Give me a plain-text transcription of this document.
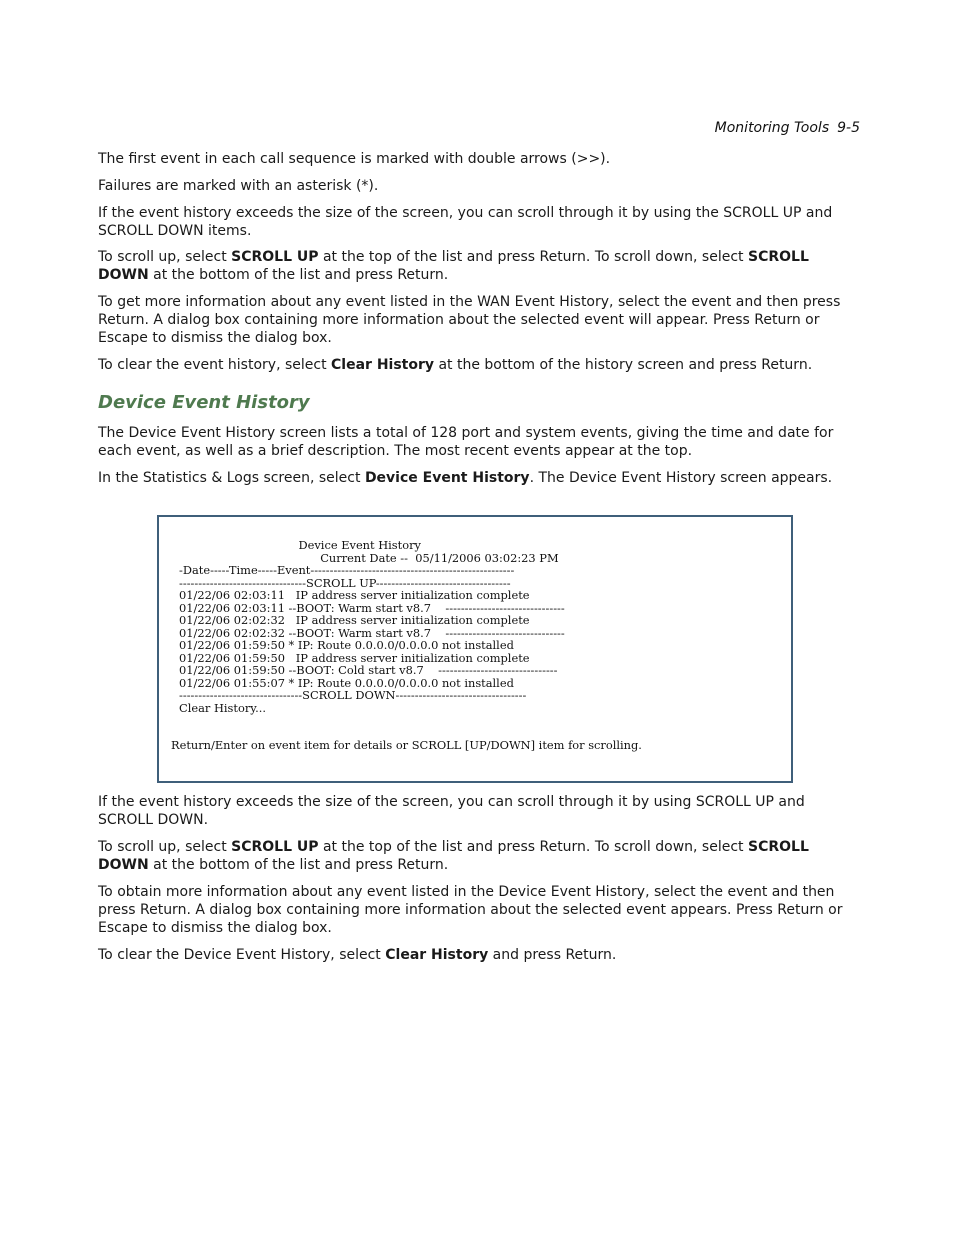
Monitoring Tools 9-5

The first event in each call sequence is marked with double arrows (>>).

Failures are marked with an asterisk (*).

If the event history exceeds the size of the screen, you can scroll through it by using the SCROLL UP and SCROLL DOWN items.

To scroll up, select SCROLL UP at the top of the list and press Return. To scroll down, select SCROLL DOWN at the bottom of the list and press Return.

To get more information about any event listed in the WAN Event History, select the event and then press Return. A dialog box containing more information about the selected event will appear. Press Return or Escape to dismiss the dialog box.

To clear the event history, select Clear History at the bottom of the history screen and press Return.

Device Event History

The Device Event History screen lists a total of 128 port and system events, giving the time and date for each event, as well as a brief description. The most recent events appear at the top.

In the Statistics & Logs screen, select Device Event History. The Device Event History screen appears.

Device Event History
Current Date -- 05/11/2006 03:02:23 PM
-Date-----Time-----Event-----------------------------------------------------
---------------------------------SCROLL UP-----------------------------------
01/22/06 02:03:11   IP address server initialization complete
01/22/06 02:03:11 --BOOT: Warm start v8.7    -------------------------------
01/22/06 02:02:32   IP address server initialization complete
01/22/06 02:02:32 --BOOT: Warm start v8.7    -------------------------------
01/22/06 01:59:50 * IP: Route 0.0.0.0/0.0.0.0 not installed
01/22/06 01:59:50   IP address server initialization complete
01/22/06 01:59:50 --BOOT: Cold start v8.7    -------------------------------
01/22/06 01:55:07 * IP: Route 0.0.0.0/0.0.0.0 not installed
--------------------------------SCROLL DOWN----------------------------------
Clear History...
Return/Enter on event item for details or SCROLL [UP/DOWN] item for scrolling.

If the event history exceeds the size of the screen, you can scroll through it by using SCROLL UP and SCROLL DOWN.

To scroll up, select SCROLL UP at the top of the list and press Return. To scroll down, select SCROLL DOWN at the bottom of the list and press Return.

To obtain more information about any event listed in the Device Event History, select the event and then press Return. A dialog box containing more information about the selected event appears. Press Return or Escape to dismiss the dialog box.

To clear the Device Event History, select Clear History and press Return.
